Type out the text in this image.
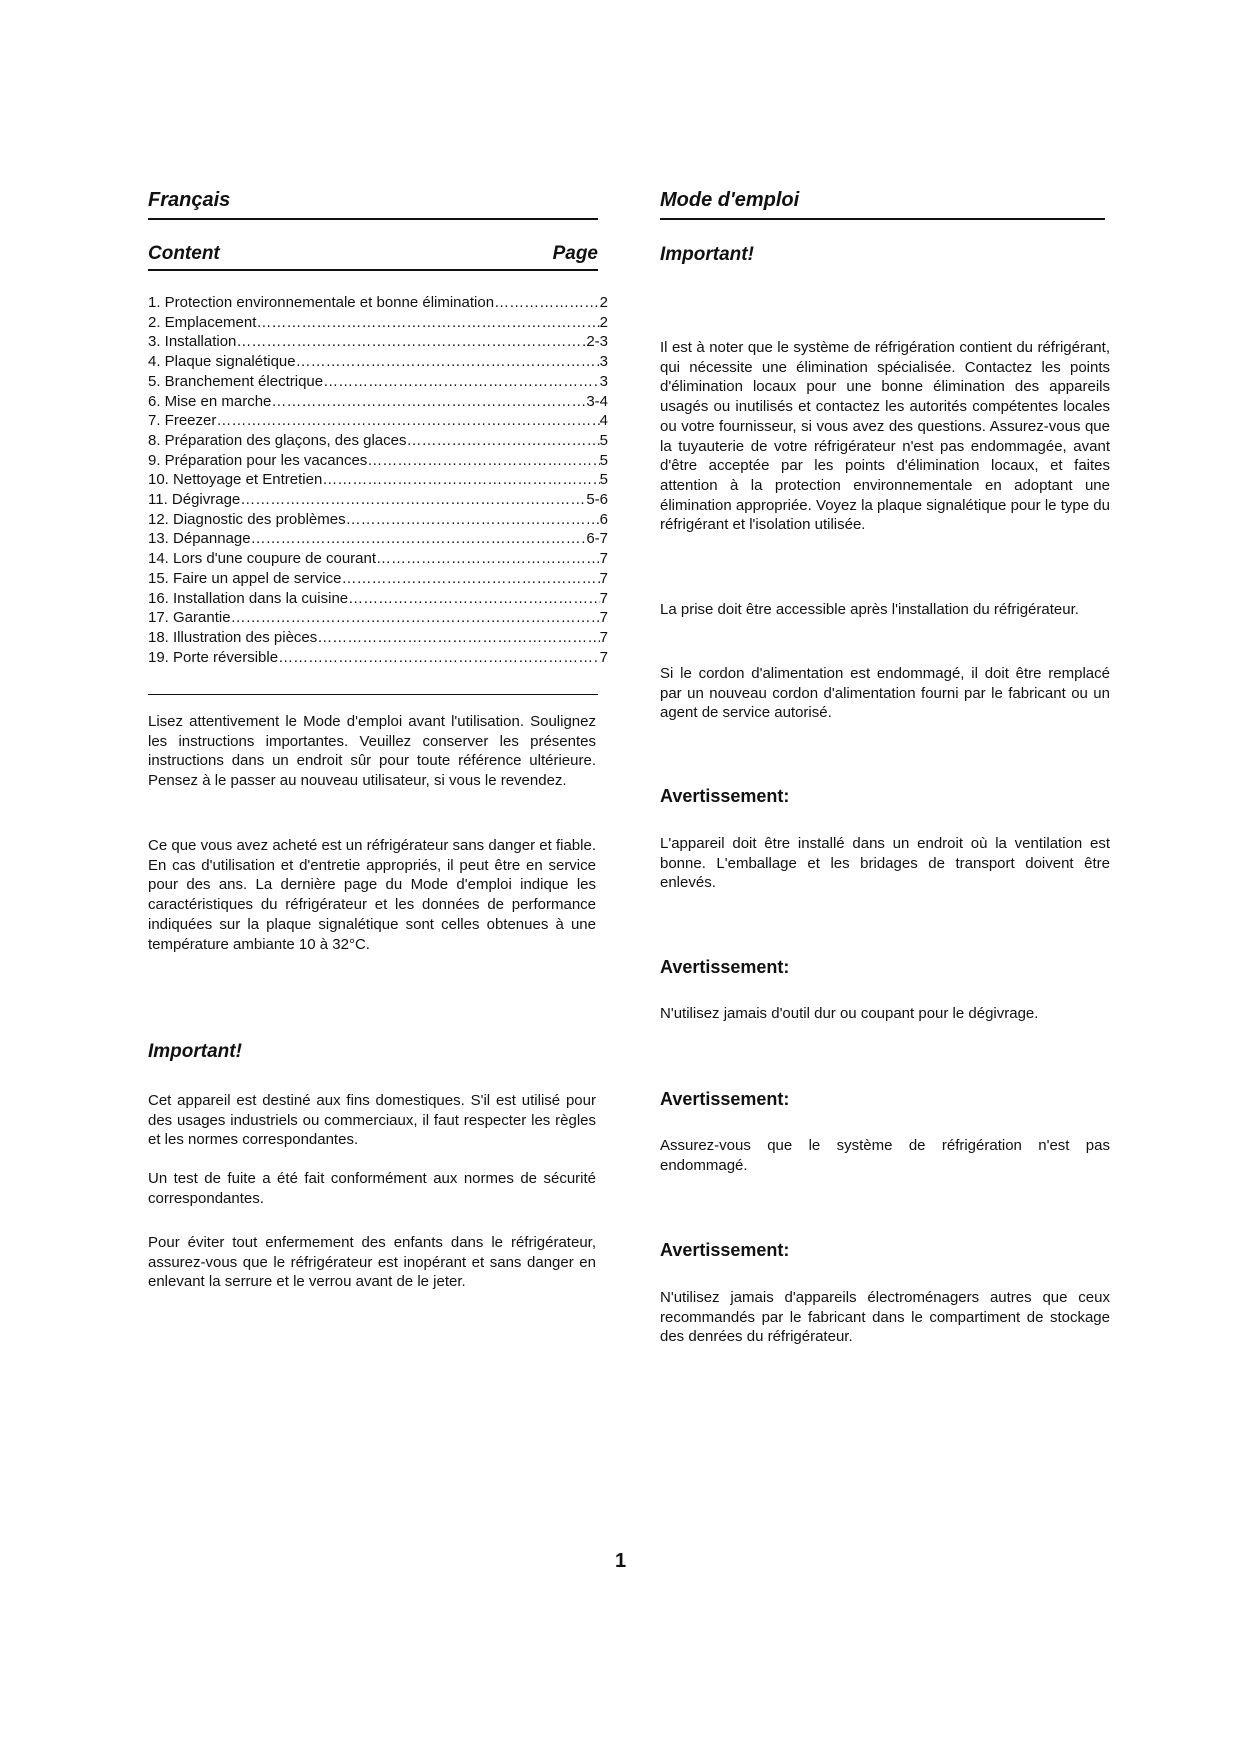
Français
Content	Page
1. Protection environnementale et bonne élimination ……………………………………………………………………………………………………	2
2. Emplacement ……………………………………………………………………………………………………	2
3. Installation ……………………………………………………………………………………………………	2-3
4. Plaque signalétique ……………………………………………………………………………………………………	3
5. Branchement électrique ……………………………………………………………………………………………………	3
6. Mise en marche ……………………………………………………………………………………………………	3-4
7. Freezer ……………………………………………………………………………………………………	4
8. Préparation des glaçons, des glaces ……………………………………………………………………………………………………	5
9. Préparation pour les vacances ……………………………………………………………………………………………………	5
10. Nettoyage et Entretien ……………………………………………………………………………………………………	5
11. Dégivrage ……………………………………………………………………………………………………	5-6
12. Diagnostic des problèmes ……………………………………………………………………………………………………	6
13. Dépannage ……………………………………………………………………………………………………	6-7
14. Lors d'une coupure de courant ……………………………………………………………………………………………………	7
15. Faire un appel de service ……………………………………………………………………………………………………	7
16. Installation dans la cuisine ……………………………………………………………………………………………………	7
17. Garantie ……………………………………………………………………………………………………	7
18. Illustration des pièces ……………………………………………………………………………………………………	7
19. Porte réversible ……………………………………………………………………………………………………	7

Lisez attentivement le Mode d'emploi avant l'utilisation. Soulignez les instructions importantes. Veuillez conserver les présentes instructions dans un endroit sûr pour toute référence ultérieure. Pensez à le passer au nouveau utilisateur, si vous le revendez.

Ce que vous avez acheté est un réfrigérateur sans danger et fiable. En cas d'utilisation et d'entretie appropriés, il peut être en service pour des ans. La dernière page du Mode d'emploi indique les caractéristiques du réfrigérateur et les données de performance indiquées sur la plaque signalétique sont celles obtenues à une température ambiante 10 à 32°C.

Important!

Cet appareil est destiné aux fins domestiques. S'il est utilisé pour des usages industriels ou commerciaux, il faut respecter les règles et les normes correspondantes.

Un test de fuite a été fait conformément aux normes de sécurité correspondantes.

Pour éviter tout enfermement des enfants dans le réfrigérateur, assurez-vous que le réfrigérateur est inopérant et sans danger en enlevant la serrure et le verrou avant de le jeter.

Mode d'emploi
Important!

Il est à noter que le système de réfrigération contient du réfrigérant, qui nécessite une élimination spécialisée. Contactez les points d'élimination locaux pour une bonne élimination des appareils usagés ou inutilisés et contactez les autorités compétentes locales ou votre fournisseur, si vous avez des questions. Assurez-vous que la tuyauterie de votre réfrigérateur n'est pas endommagée, avant d'être acceptée par les points d'élimination locaux, et faites attention à la protection environnementale en adoptant une élimination appropriée. Voyez la plaque signalétique pour le type du réfrigérant et l'isolation utilisée.

La prise doit être accessible après l'installation du réfrigérateur.

Si le cordon d'alimentation est endommagé, il doit être remplacé par un nouveau cordon d'alimentation fourni par le fabricant ou un agent de service autorisé.

Avertissement:

L'appareil doit être installé dans un endroit où la ventilation est bonne. L'emballage et les bridages de transport doivent être enlevés.

Avertissement:

N'utilisez jamais d'outil dur ou coupant pour le dégivrage.

Avertissement:

Assurez-vous que le système de réfrigération n'est pas endommagé.

Avertissement:

N'utilisez jamais d'appareils électroménagers autres que ceux recommandés par le fabricant dans le compartiment de stockage des denrées du réfrigérateur.

1
